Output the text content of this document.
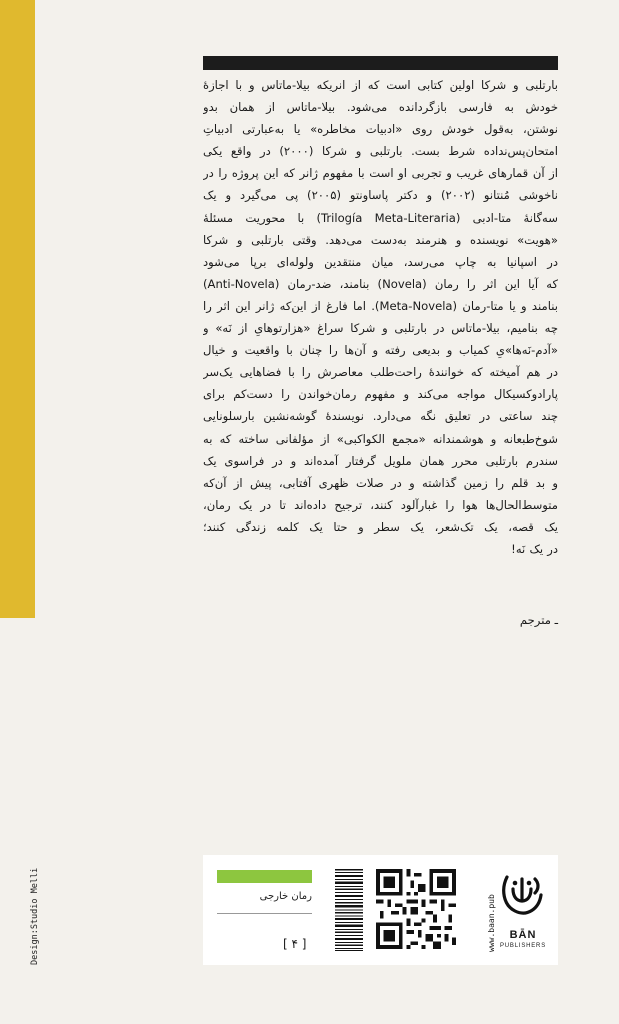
بارتلبی و شرکا اولین کتابی است که از انریکه بیلا-ماتاس و با اجازهٔ
خودش به فارسی بازگردانده می‌شود. بیلا-ماتاس از همان بدو
نوشتن، به‌قول خودش روی «ادبیات مخاطره» یا به‌عبارتی ادبیاتِ
امتحان‌پس‌نداده شرط بست. بارتلبی و شرکا (۲۰۰۰) در واقع یکی
از آن قمارهای غریب و تجربی او است با مفهوم ژانر که این پروژه را در
ناخوشی مُنتانو (۲۰۰۲) و دکتر پاساونتو (۲۰۰۵) پی می‌گیرد و یک
سه‌گانهٔ متا-ادبی (Trilogía Meta-Literaria) با محوریت مسئلهٔ
«هویت» نویسنده و هنرمند به‌دست می‌دهد. وقتی بارتلبی و شرکا
در اسپانیا به چاپ می‌رسد، میان منتقدین ولوله‌ای برپا می‌شود
که آیا این اثر را رمان (Novela) بنامند، ضد-رمان (Anti-Novela)
بنامند و یا متا-رمان (Meta-Novela). اما فارغ از این‌که ژانر این اثر را
چه بنامیم، بیلا-ماتاس در بارتلبی و شرکا سراغ «هزارتوهایِ از نَه» و
«آدم-نَه‌ها»یِ کمیاب و بدیعی رفته و آن‌ها را چنان با واقعیت و خیال
در هم آمیخته که خوانندهٔ راحت‌طلب معاصرش را با فضاهایی یک‌سر
پارادوکسیکال مواجه می‌کند و مفهوم رمان‌خواندن را دست‌کم برای
چند ساعتی در تعلیق نگه می‌دارد. نویسندهٔ گوشه‌نشین بارسلونایی
شوخ‌طبعانه و هوشمندانه «مجمع الکواکبی» از مؤلفانی ساخته که به
سندرم بارتلبی محرر همان ملویل گرفتار آمده‌اند و در فراسوی یک
و بد قلم را زمین گذاشته و در صلات ظهری آفتابی، پیش از آن‌که
متوسط‌الحال‌ها هوا را غبارآلود کنند، ترجیح داده‌اند تا در یک رمان،
یک قصه، یک تک‌شعر، یک سطر و حتا یک کلمه زندگی کنند؛
در یک نَه!
ـ مترجم
Design:Studio Melli	رمان خارجی
[ ۴ ]	www.baan.pub	BĀN
PUBLISHERS
